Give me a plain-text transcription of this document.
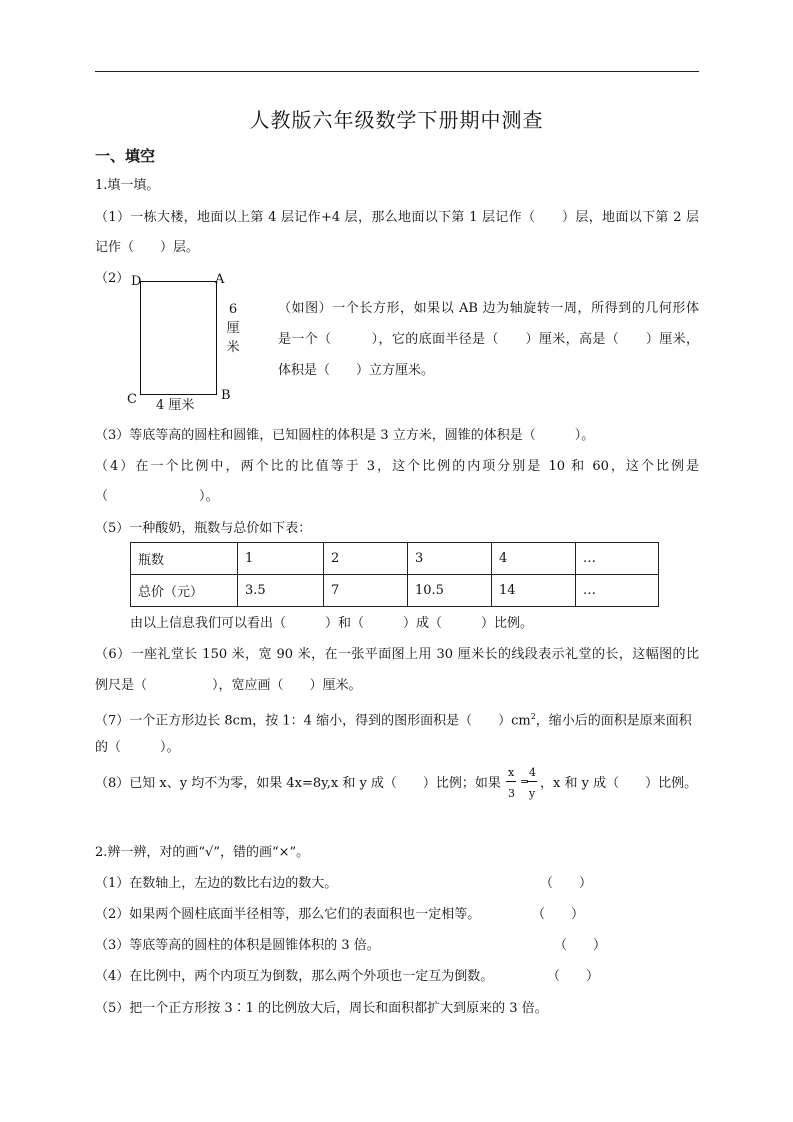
人教版六年级数学下册期中测查
一、填空
1.填一填。
（1）一栋大楼，地面以上第 4 层记作+4 层，那么地面以下第 1 层记作（　　）层，地面以下第 2 层
记作（　　）层。
（2） D	A
C	B
6
厘
米
4 厘米
（如图）一个长方形，如果以 AB 边为轴旋转一周，所得到的几何形体
是一个（　　　），它的底面半径是（　　）厘米，高是（　　）厘米，
体积是（　　）立方厘米。
（3）等底等高的圆柱和圆锥，已知圆柱的体积是 3 立方米，圆锥的体积是（　　　）。
（4）在一个比例中，两个比的比值等于 3，这个比例的内项分别是 10 和 60，这个比例是
（　　　　　　　）。
（5）一种酸奶，瓶数与总价如下表：
瓶数	1	2	3	4	…
总价（元）	3.5	7	10.5	14	…
由以上信息我们可以看出（　　　）和（　　　）成（　　　）比例。
（6）一座礼堂长 150 米，宽 90 米，在一张平面图上用 30 厘米长的线段表示礼堂的长，这幅图的比
例尺是（　　　　　），宽应画（　　）厘米。
（7）一个正方形边长 8cm，按 1：4 缩小，得到的图形面积是（　　）$cm^2$，缩小后的面积是原来面积
的（　　　）。
（8）已知 x、y 均不为零，如果 4x=8y,x 和 y 成（　　）比例；如果
x
3
=
4
y
，x 和 y 成（　　）比例。
2.辨一辨，对的画“√”，错的画“×”。
（1）在数轴上，左边的数比右边的数大。	（　　）
（2）如果两个圆柱底面半径相等，那么它们的表面积也一定相等。	（　　）
（3）等底等高的圆柱的体积是圆锥体积的 3 倍。	（　　）
（4）在比例中，两个内项互为倒数，那么两个外项也一定互为倒数。	（　　）
（5）把一个正方形按 3∶1 的比例放大后，周长和面积都扩大到原来的 3 倍。
